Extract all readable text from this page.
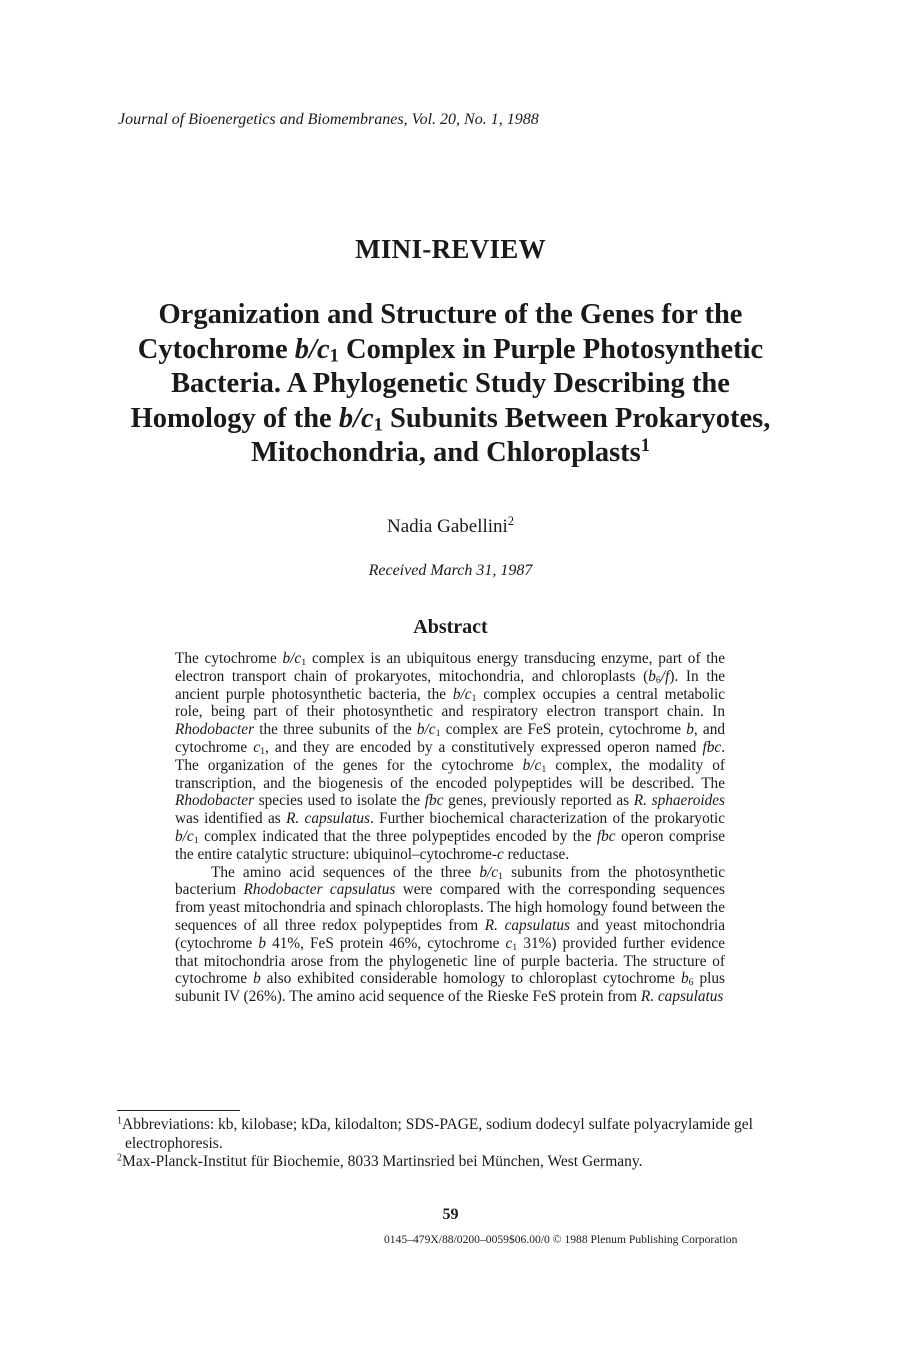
Journal of Bioenergetics and Biomembranes, Vol. 20, No. 1, 1988
MINI-REVIEW
Organization and Structure of the Genes for the
Cytochrome $b/c_1$ Complex in Purple Photosynthetic
Bacteria. A Phylogenetic Study Describing the
Homology of the $b/c_1$ Subunits Between Prokaryotes,
Mitochondria, and Chloroplasts$^1$
Nadia Gabellini$^2$
Received March 31, 1987
Abstract

The cytochrome $b/c_1$ complex is an ubiquitous energy transducing enzyme, part of the electron transport chain of prokaryotes, mitochondria, and chloroplasts $(b_6/f)$. In the ancient purple photosynthetic bacteria, the $b/c_1$ complex occupies a central metabolic role, being part of their photosynthetic and respiratory electron transport chain. In Rhodobacter the three subunits of the $b/c_1$ complex are FeS protein, cytochrome b, and cytochrome $c_1$, and they are encoded by a constitutively expressed operon named fbc. The organization of the genes for the cytochrome $b/c_1$ complex, the modality of transcription, and the biogenesis of the encoded polypeptides will be described. The Rhodobacter species used to isolate the fbc genes, previously reported as R. sphaeroides was identified as R. capsulatus. Further biochemical characterization of the prokaryotic $b/c_1$ complex indicated that the three polypeptides encoded by the fbc operon comprise the entire catalytic structure: ubiquinol–cytochrome-c reductase.

The amino acid sequences of the three $b/c_1$ subunits from the photosynthetic bacterium Rhodobacter capsulatus were compared with the corresponding sequences from yeast mitochondria and spinach chloroplasts. The high homology found between the sequences of all three redox polypeptides from R. capsulatus and yeast mitochondria (cytochrome b 41%, FeS protein 46%, cytochrome $c_1$ 31%) provided further evidence that mitochondria arose from the phylogenetic line of purple bacteria. The structure of cytochrome b also exhibited considerable homology to chloroplast cytochrome $b_6$ plus subunit IV (26%). The amino acid sequence of the Rieske FeS protein from R. capsulatus

$^1$Abbreviations: kb, kilobase; kDa, kilodalton; SDS-PAGE, sodium dodecyl sulfate polyacrylamide gel electrophoresis.
$^2$Max-Planck-Institut für Biochemie, 8033 Martinsried bei München, West Germany.
59
0145–479X/88/0200–0059$06.00/0 © 1988 Plenum Publishing Corporation
